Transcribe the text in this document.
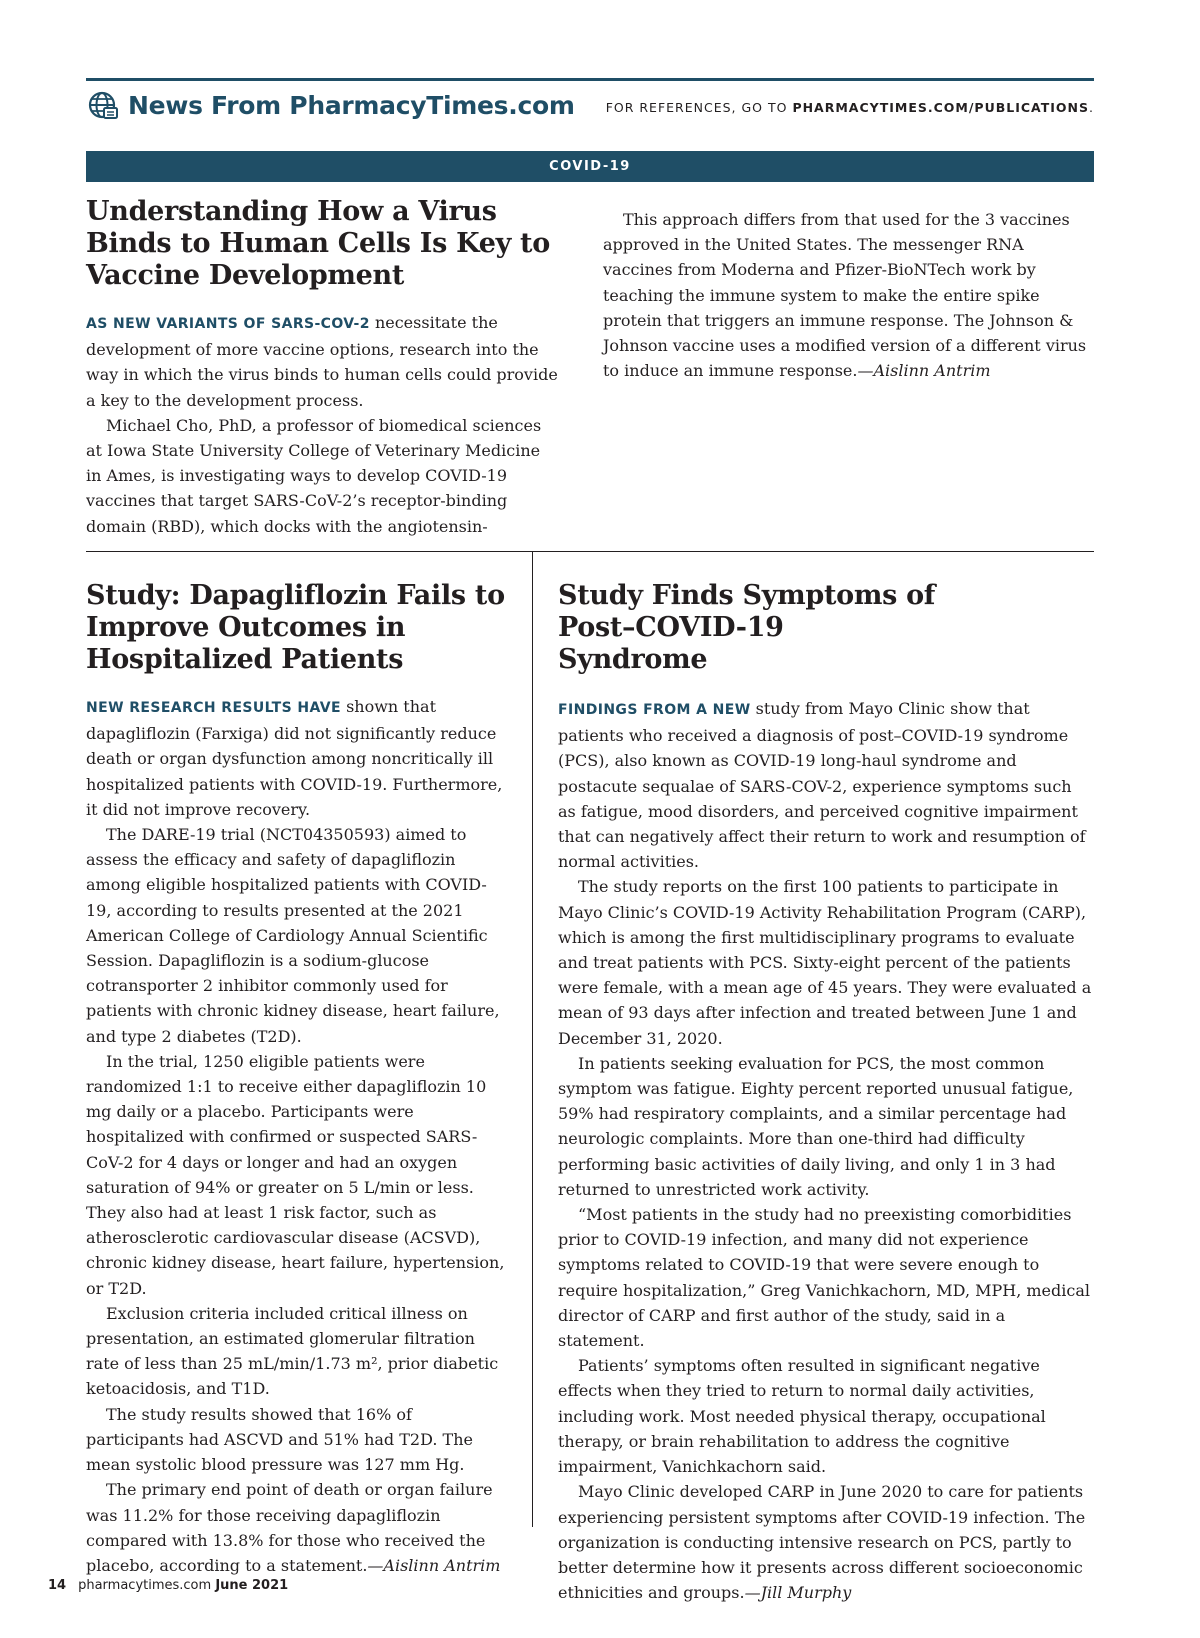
News From PharmacyTimes.com FOR REFERENCES, GO TO PHARMACYTIMES.COM/PUBLICATIONS.
COVID-19
Understanding How a Virus Binds to Human Cells Is Key to Vaccine Development

AS NEW VARIANTS OF SARS-COV-2 necessitate the development of more vaccine options, research into the way in which the virus binds to human cells could provide a key to the development process.

Michael Cho, PhD, a professor of biomedical sciences at Iowa State University College of Veterinary Medicine in Ames, is investigating ways to develop COVID-19 vaccines that target SARS-CoV-2’s receptor-binding domain (RBD), which docks with the angiotensin-

This approach differs from that used for the 3 vaccines approved in the United States. The messenger RNA vaccines from Moderna and Pfizer-BioNTech work by teaching the immune system to make the entire spike protein that triggers an immune response. The Johnson & Johnson vaccine uses a modified version of a different virus to induce an immune response.—Aislinn Antrim

Study: Dapagliflozin Fails to Improve Outcomes in Hospitalized Patients

NEW RESEARCH RESULTS HAVE shown that dapagliflozin (Farxiga) did not significantly reduce death or organ dysfunction among noncritically ill hospitalized patients with COVID-19. Furthermore, it did not improve recovery.

The DARE-19 trial (NCT04350593) aimed to assess the efficacy and safety of dapagliflozin among eligible hospitalized patients with COVID-19, according to results presented at the 2021 American College of Cardiology Annual Scientific Session. Dapagliflozin is a sodium-glucose cotransporter 2 inhibitor commonly used for patients with chronic kidney disease, heart failure, and type 2 diabetes (T2D).

In the trial, 1250 eligible patients were randomized 1:1 to receive either dapagliflozin 10 mg daily or a placebo. Participants were hospitalized with confirmed or suspected SARS-CoV-2 for 4 days or longer and had an oxygen saturation of 94% or greater on 5 L/min or less. They also had at least 1 risk factor, such as atherosclerotic cardiovascular disease (ACSVD), chronic kidney disease, heart failure, hypertension, or T2D.

Exclusion criteria included critical illness on presentation, an estimated glomerular filtration rate of less than 25 mL/min/1.73 m², prior diabetic ketoacidosis, and T1D.

The study results showed that 16% of participants had ASCVD and 51% had T2D. The mean systolic blood pressure was 127 mm Hg.

The primary end point of death or organ failure was 11.2% for those receiving dapagliflozin compared with 13.8% for those who received the placebo, according to a statement.—Aislinn Antrim

Study Finds Symptoms of Post–COVID-19 Syndrome

FINDINGS FROM A NEW study from Mayo Clinic show that patients who received a diagnosis of post–COVID-19 syndrome (PCS), also known as COVID-19 long-haul syndrome and postacute sequalae of SARS-COV-2, experience symptoms such as fatigue, mood disorders, and perceived cognitive impairment that can negatively affect their return to work and resumption of normal activities.

The study reports on the first 100 patients to participate in Mayo Clinic’s COVID-19 Activity Rehabilitation Program (CARP), which is among the first multidisciplinary programs to evaluate and treat patients with PCS. Sixty-eight percent of the patients were female, with a mean age of 45 years. They were evaluated a mean of 93 days after infection and treated between June 1 and December 31, 2020.

In patients seeking evaluation for PCS, the most common symptom was fatigue. Eighty percent reported unusual fatigue, 59% had respiratory complaints, and a similar percentage had neurologic complaints. More than one-third had difficulty performing basic activities of daily living, and only 1 in 3 had returned to unrestricted work activity.

“Most patients in the study had no preexisting comorbidities prior to COVID-19 infection, and many did not experience symptoms related to COVID-19 that were severe enough to require hospitalization,” Greg Vanichkachorn, MD, MPH, medical director of CARP and first author of the study, said in a statement.

Patients’ symptoms often resulted in significant negative effects when they tried to return to normal daily activities, including work. Most needed physical therapy, occupational therapy, or brain rehabilitation to address the cognitive impairment, Vanichkachorn said.

Mayo Clinic developed CARP in June 2020 to care for patients experiencing persistent symptoms after COVID-19 infection. The organization is conducting intensive research on PCS, partly to better determine how it presents across different socioeconomic ethnicities and groups.—Jill Murphy

14 pharmacytimes.com June 2021
